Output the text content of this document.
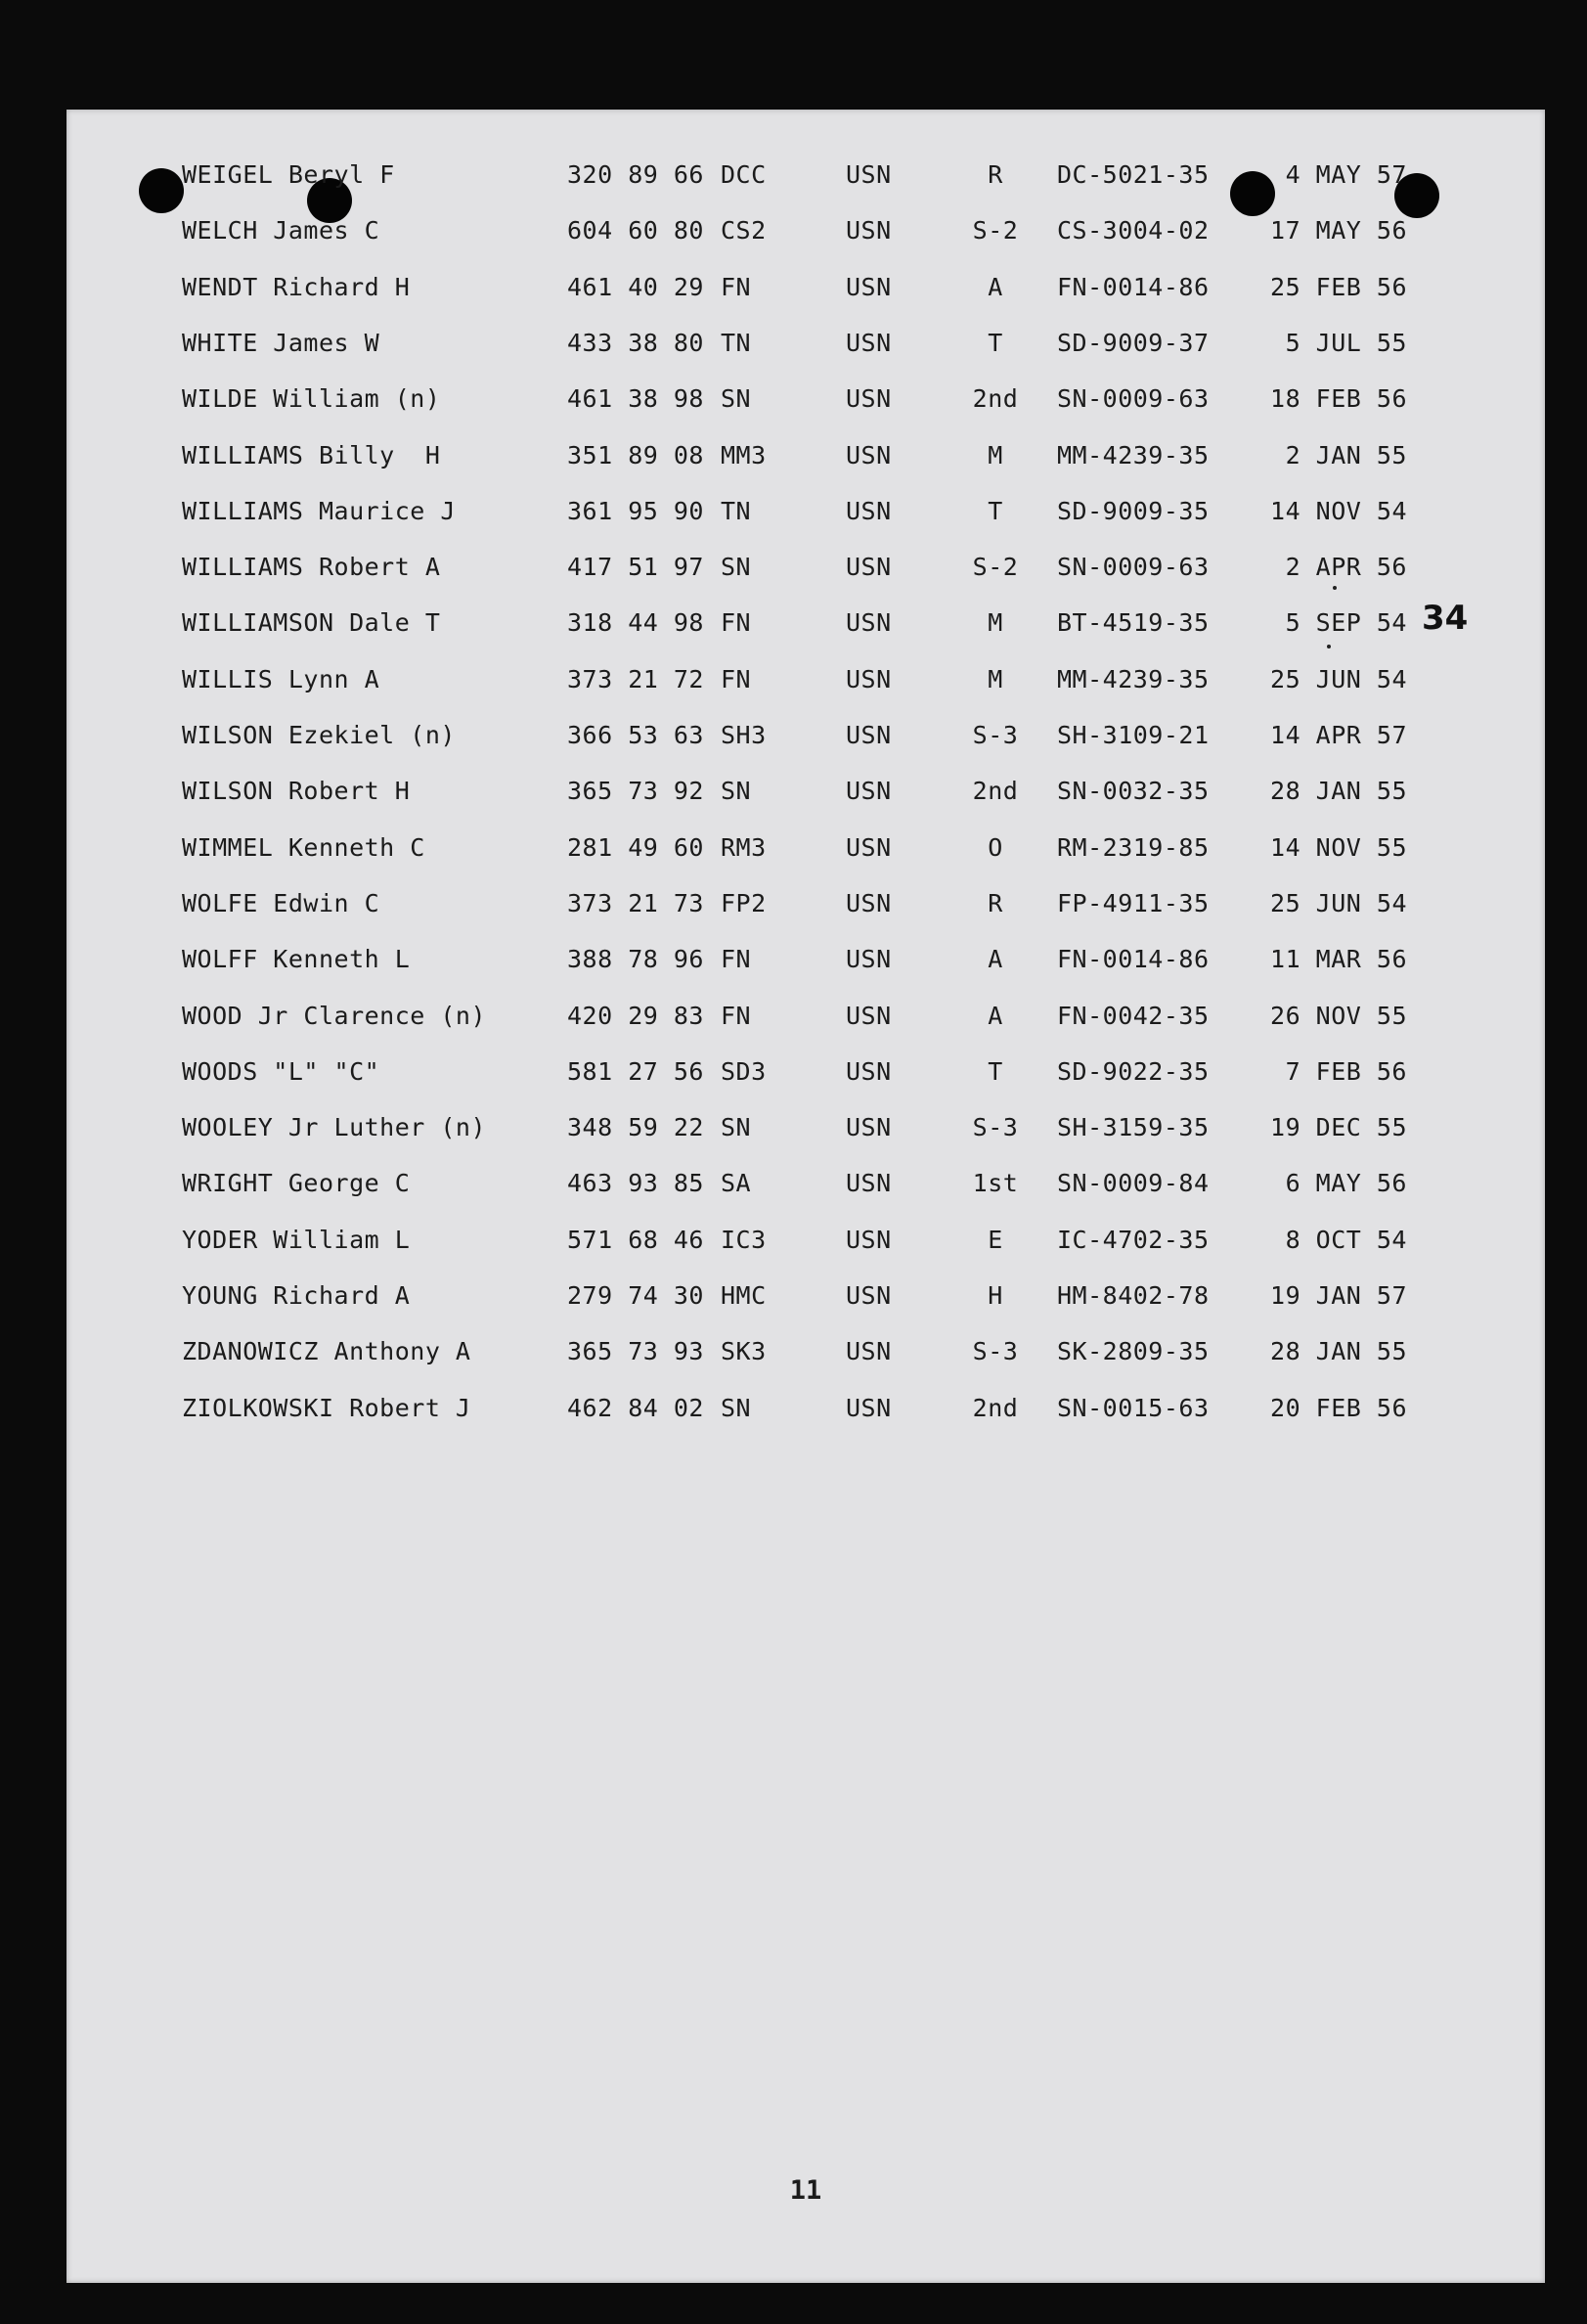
WEIGEL Beryl F	320 89 66 DCC	USN	R	DC-5021-35	4 MAY 57
WELCH James C	604 60 80 CS2	USN	S-2	CS-3004-02	17 MAY 56
WENDT Richard H	461 40 29 FN	USN	A	FN-0014-86	25 FEB 56
WHITE James W	433 38 80 TN	USN	T	SD-9009-37	5 JUL 55
WILDE William (n)	461 38 98 SN	USN	2nd	SN-0009-63	18 FEB 56
WILLIAMS Billy  H	351 89 08 MM3	USN	M	MM-4239-35	2 JAN 55
WILLIAMS Maurice J	361 95 90 TN	USN	T	SD-9009-35	14 NOV 54
WILLIAMS Robert A	417 51 97 SN	USN	S-2	SN-0009-63	2 APR 56
WILLIAMSON Dale T	318 44 98 FN	USN	M	BT-4519-35	5 SEP 54
WILLIS Lynn A	373 21 72 FN	USN	M	MM-4239-35	25 JUN 54
WILSON Ezekiel (n)	366 53 63 SH3	USN	S-3	SH-3109-21	14 APR 57
WILSON Robert H	365 73 92 SN	USN	2nd	SN-0032-35	28 JAN 55
WIMMEL Kenneth C	281 49 60 RM3	USN	O	RM-2319-85	14 NOV 55
WOLFE Edwin C	373 21 73 FP2	USN	R	FP-4911-35	25 JUN 54
WOLFF Kenneth L	388 78 96 FN	USN	A	FN-0014-86	11 MAR 56
WOOD Jr Clarence (n)	420 29 83 FN	USN	A	FN-0042-35	26 NOV 55
WOODS "L" "C"	581 27 56 SD3	USN	T	SD-9022-35	7 FEB 56
WOOLEY Jr Luther (n)	348 59 22 SN	USN	S-3	SH-3159-35	19 DEC 55
WRIGHT George C	463 93 85 SA	USN	1st	SN-0009-84	6 MAY 56
YODER William L	571 68 46 IC3	USN	E	IC-4702-35	8 OCT 54
YOUNG Richard A	279 74 30 HMC	USN	H	HM-8402-78	19 JAN 57
ZDANOWICZ Anthony A	365 73 93 SK3	USN	S-3	SK-2809-35	28 JAN 55
ZIOLKOWSKI Robert J	462 84 02 SN	USN	2nd	SN-0015-63	20 FEB 56
34
11
